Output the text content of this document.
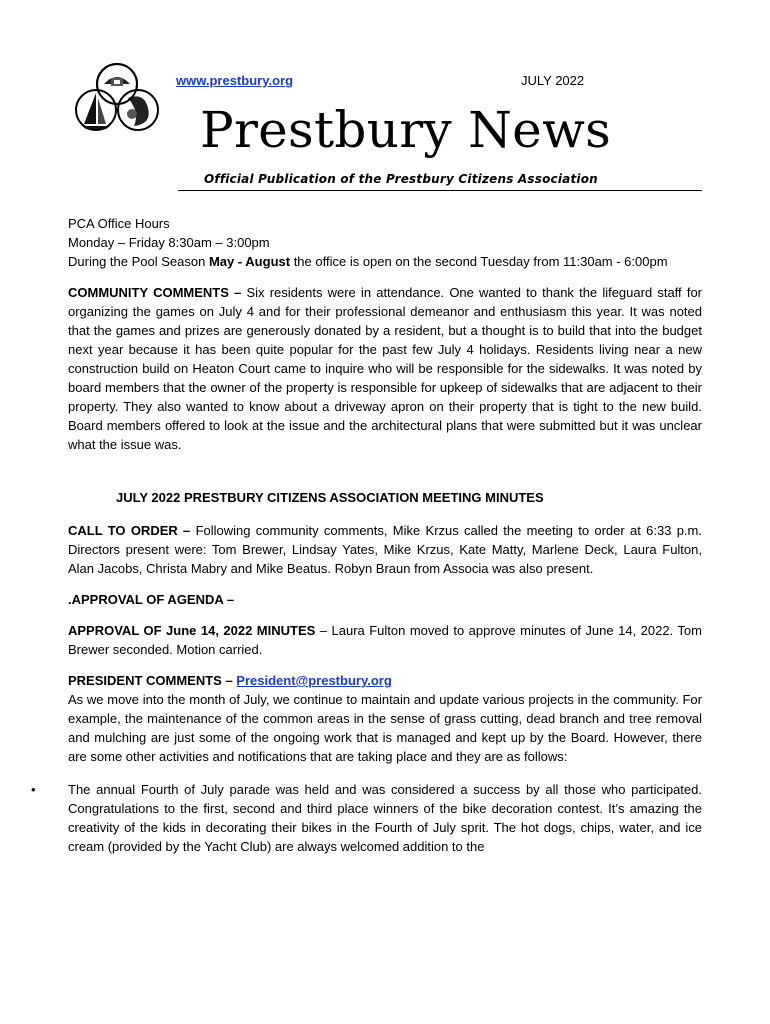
www.prestbury.org	JULY 2022
Prestbury News
Official Publication of the Prestbury Citizens Association

PCA Office Hours
Monday – Friday 8:30am – 3:00pm
During the Pool Season May - August the office is open on the second Tuesday from 11:30am - 6:00pm

COMMUNITY COMMENTS – Six residents were in attendance. One wanted to thank the lifeguard staff for organizing the games on July 4 and for their professional demeanor and enthusiasm this year. It was noted that the games and prizes are generously donated by a resident, but a thought is to build that into the budget next year because it has been quite popular for the past few July 4 holidays. Residents living near a new construction build on Heaton Court came to inquire who will be responsible for the sidewalks. It was noted by board members that the owner of the property is responsible for upkeep of sidewalks that are adjacent to their property. They also wanted to know about a driveway apron on their property that is tight to the new build. Board members offered to look at the issue and the architectural plans that were submitted but it was unclear what the issue was.

JULY 2022 PRESTBURY CITIZENS ASSOCIATION MEETING MINUTES

CALL TO ORDER – Following community comments, Mike Krzus called the meeting to order at 6:33 p.m. Directors present were: Tom Brewer, Lindsay Yates, Mike Krzus, Kate Matty, Marlene Deck, Laura Fulton, Alan Jacobs, Christa Mabry and Mike Beatus. Robyn Braun from Associa was also present.

.APPROVAL OF AGENDA –

APPROVAL OF June 14, 2022 MINUTES – Laura Fulton moved to approve minutes of June 14, 2022. Tom Brewer seconded. Motion carried.

PRESIDENT COMMENTS – President@prestbury.org
As we move into the month of July, we continue to maintain and update various projects in the community. For example, the maintenance of the common areas in the sense of grass cutting, dead branch and tree removal and mulching are just some of the ongoing work that is managed and kept up by the Board. However, there are some other activities and notifications that are taking place and they are as follows:

• The annual Fourth of July parade was held and was considered a success by all those who participated. Congratulations to the first, second and third place winners of the bike decoration contest. It’s amazing the creativity of the kids in decorating their bikes in the Fourth of July sprit. The hot dogs, chips, water, and ice cream (provided by the Yacht Club) are always welcomed addition to the
